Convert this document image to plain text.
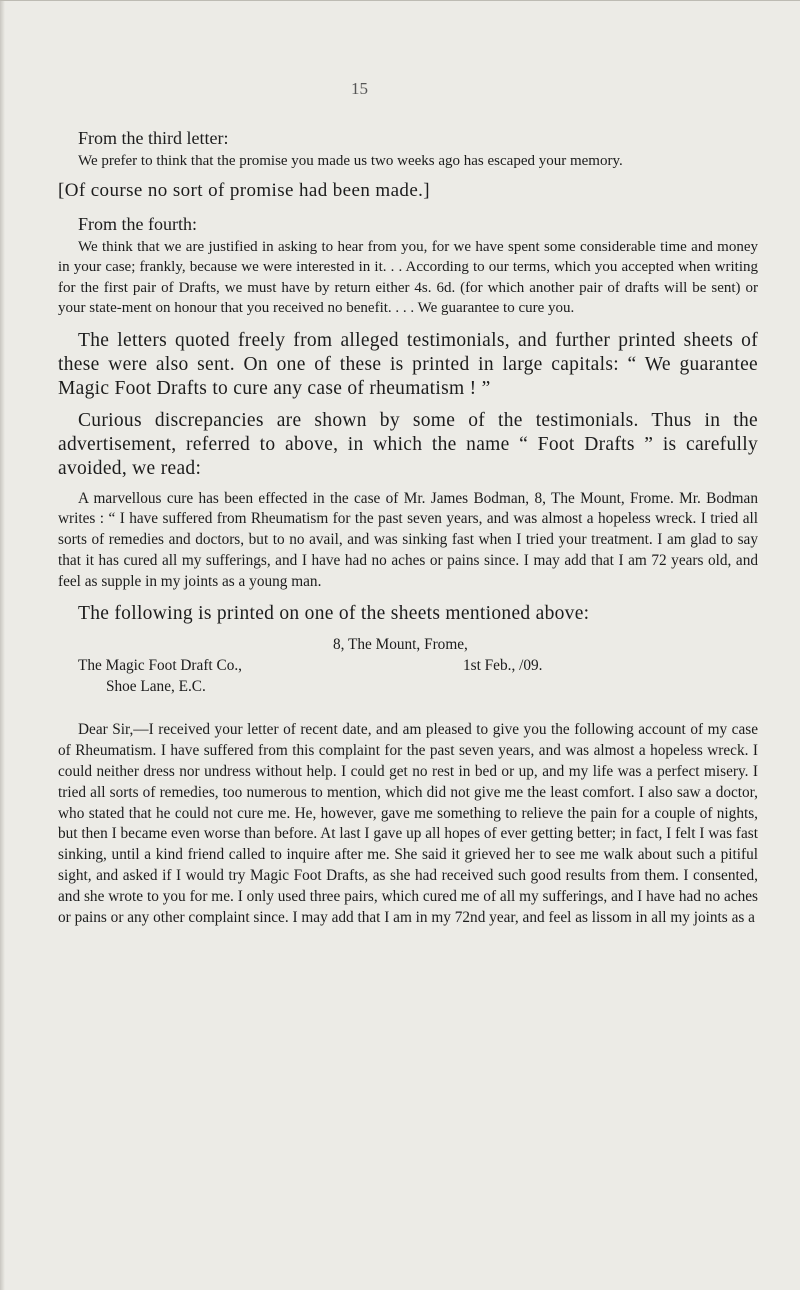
15

From the third letter:

We prefer to think that the promise you made us two weeks ago has escaped your memory.

[Of course no sort of promise had been made.]

From the fourth:

We think that we are justified in asking to hear from you, for we have spent some considerable time and money in your case; frankly, because we were interested in it. . . According to our terms, which you accepted when writing for the first pair of Drafts, we must have by return either 4s. 6d. (for which another pair of drafts will be sent) or your state-ment on honour that you received no benefit. . . . We guarantee to cure you.

The letters quoted freely from alleged testimonials, and further printed sheets of these were also sent. On one of these is printed in large capitals: “ We guarantee Magic Foot Drafts to cure any case of rheumatism ! ”

Curious discrepancies are shown by some of the testimonials. Thus in the advertisement, referred to above, in which the name “ Foot Drafts ” is carefully avoided, we read:

A marvellous cure has been effected in the case of Mr. James Bodman, 8, The Mount, Frome. Mr. Bodman writes : “ I have suffered from Rheumatism for the past seven years, and was almost a hopeless wreck. I tried all sorts of remedies and doctors, but to no avail, and was sinking fast when I tried your treatment. I am glad to say that it has cured all my sufferings, and I have had no aches or pains since. I may add that I am 72 years old, and feel as supple in my joints as a young man.

The following is printed on one of the sheets mentioned above:

8, The Mount, Frome,
The Magic Foot Draft Co.,	1st Feb., /09.
Shoe Lane, E.C.

Dear Sir,—I received your letter of recent date, and am pleased to give you the following account of my case of Rheumatism. I have suffered from this complaint for the past seven years, and was almost a hopeless wreck. I could neither dress nor undress without help. I could get no rest in bed or up, and my life was a perfect misery. I tried all sorts of remedies, too numerous to mention, which did not give me the least comfort. I also saw a doctor, who stated that he could not cure me. He, however, gave me something to relieve the pain for a couple of nights, but then I became even worse than before. At last I gave up all hopes of ever getting better; in fact, I felt I was fast sinking, until a kind friend called to inquire after me. She said it grieved her to see me walk about such a pitiful sight, and asked if I would try Magic Foot Drafts, as she had received such good results from them. I consented, and she wrote to you for me. I only used three pairs, which cured me of all my sufferings, and I have had no aches or pains or any other complaint since. I may add that I am in my 72nd year, and feel as lissom in all my joints as a
